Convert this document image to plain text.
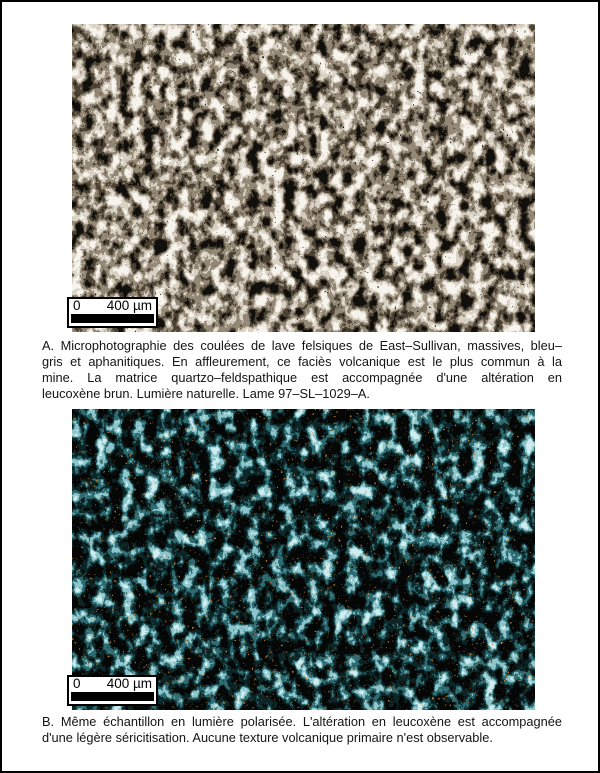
0 400 µm
A. Microphotographie des coulées de lave felsiques de East–Sullivan, massives, bleu–
gris et aphanitiques. En affleurement, ce faciès volcanique est le plus commun à la
mine. La matrice quartzo–feldspathique est accompagnée d'une altération en
leucoxène brun. Lumière naturelle. Lame 97–SL–1029–A.
0 400 µm
B. Même échantillon en lumière polarisée. L'altération en leucoxène est accompagnée
d'une légère séricitisation. Aucune texture volcanique primaire n'est observable.
